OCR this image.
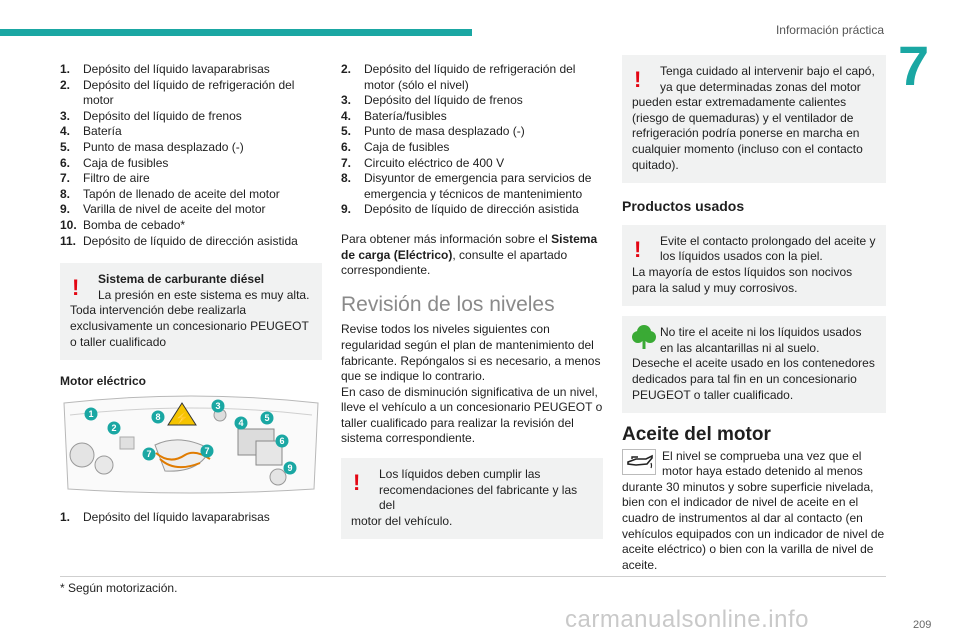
Información práctica
7
1. Depósito del líquido lavaparabrisas
2. Depósito del líquido de refrigeración del motor
3. Depósito del líquido de frenos
4. Batería
5. Punto de masa desplazado (-)
6. Caja de fusibles
7. Filtro de aire
8. Tapón de llenado de aceite del motor
9. Varilla de nivel de aceite del motor
10. Bomba de cebado*
11. Depósito de líquido de dirección asistida
! Sistema de carburante diésel
La presión en este sistema es muy alta.
Toda intervención debe realizarla exclusivamente un concesionario PEUGEOT o taller cualificado
Motor eléctrico
⚡
1
2
3
4 5
6
7	7
8
9
1. Depósito del líquido lavaparabrisas
2. Depósito del líquido de refrigeración del motor (sólo el nivel)
3. Depósito del líquido de frenos
4. Batería/fusibles
5. Punto de masa desplazado (-)
6. Caja de fusibles
7. Circuito eléctrico de 400 V
8. Disyuntor de emergencia para servicios de emergencia y técnicos de mantenimiento
9. Depósito de líquido de dirección asistida

Para obtener más información sobre el Sistema de carga (Eléctrico), consulte el apartado correspondiente.

Revisión de los niveles

Revise todos los niveles siguientes con regularidad según el plan de mantenimiento del fabricante. Repóngalos si es necesario, a menos que se indique lo contrario.

En caso de disminución significativa de un nivel, lleve el vehículo a un concesionario PEUGEOT o taller cualificado para realizar la revisión del sistema correspondiente.

! Los líquidos deben cumplir las recomendaciones del fabricante y las del
motor del vehículo.
! Tenga cuidado al intervenir bajo el capó, ya que determinadas zonas del motor
pueden estar extremadamente calientes (riesgo de quemaduras) y el ventilador de refrigeración podría ponerse en marcha en cualquier momento (incluso con el contacto quitado).
Productos usados
! Evite el contacto prolongado del aceite y los líquidos usados con la piel.
La mayoría de estos líquidos son nocivos para la salud y muy corrosivos.
No tire el aceite ni los líquidos usados en las alcantarillas ni al suelo.
Deseche el aceite usado en los contenedores dedicados para tal fin en un concesionario PEUGEOT o taller cualificado.
Aceite del motor
El nivel se comprueba una vez que el motor haya estado detenido al menos
durante 30 minutos y sobre superficie nivelada, bien con el indicador de nivel de aceite en el cuadro de instrumentos al dar al contacto (en vehículos equipados con un indicador de nivel de aceite eléctrico) o bien con la varilla de nivel de aceite.
* Según motorización.
carmanualsonline.info	209
